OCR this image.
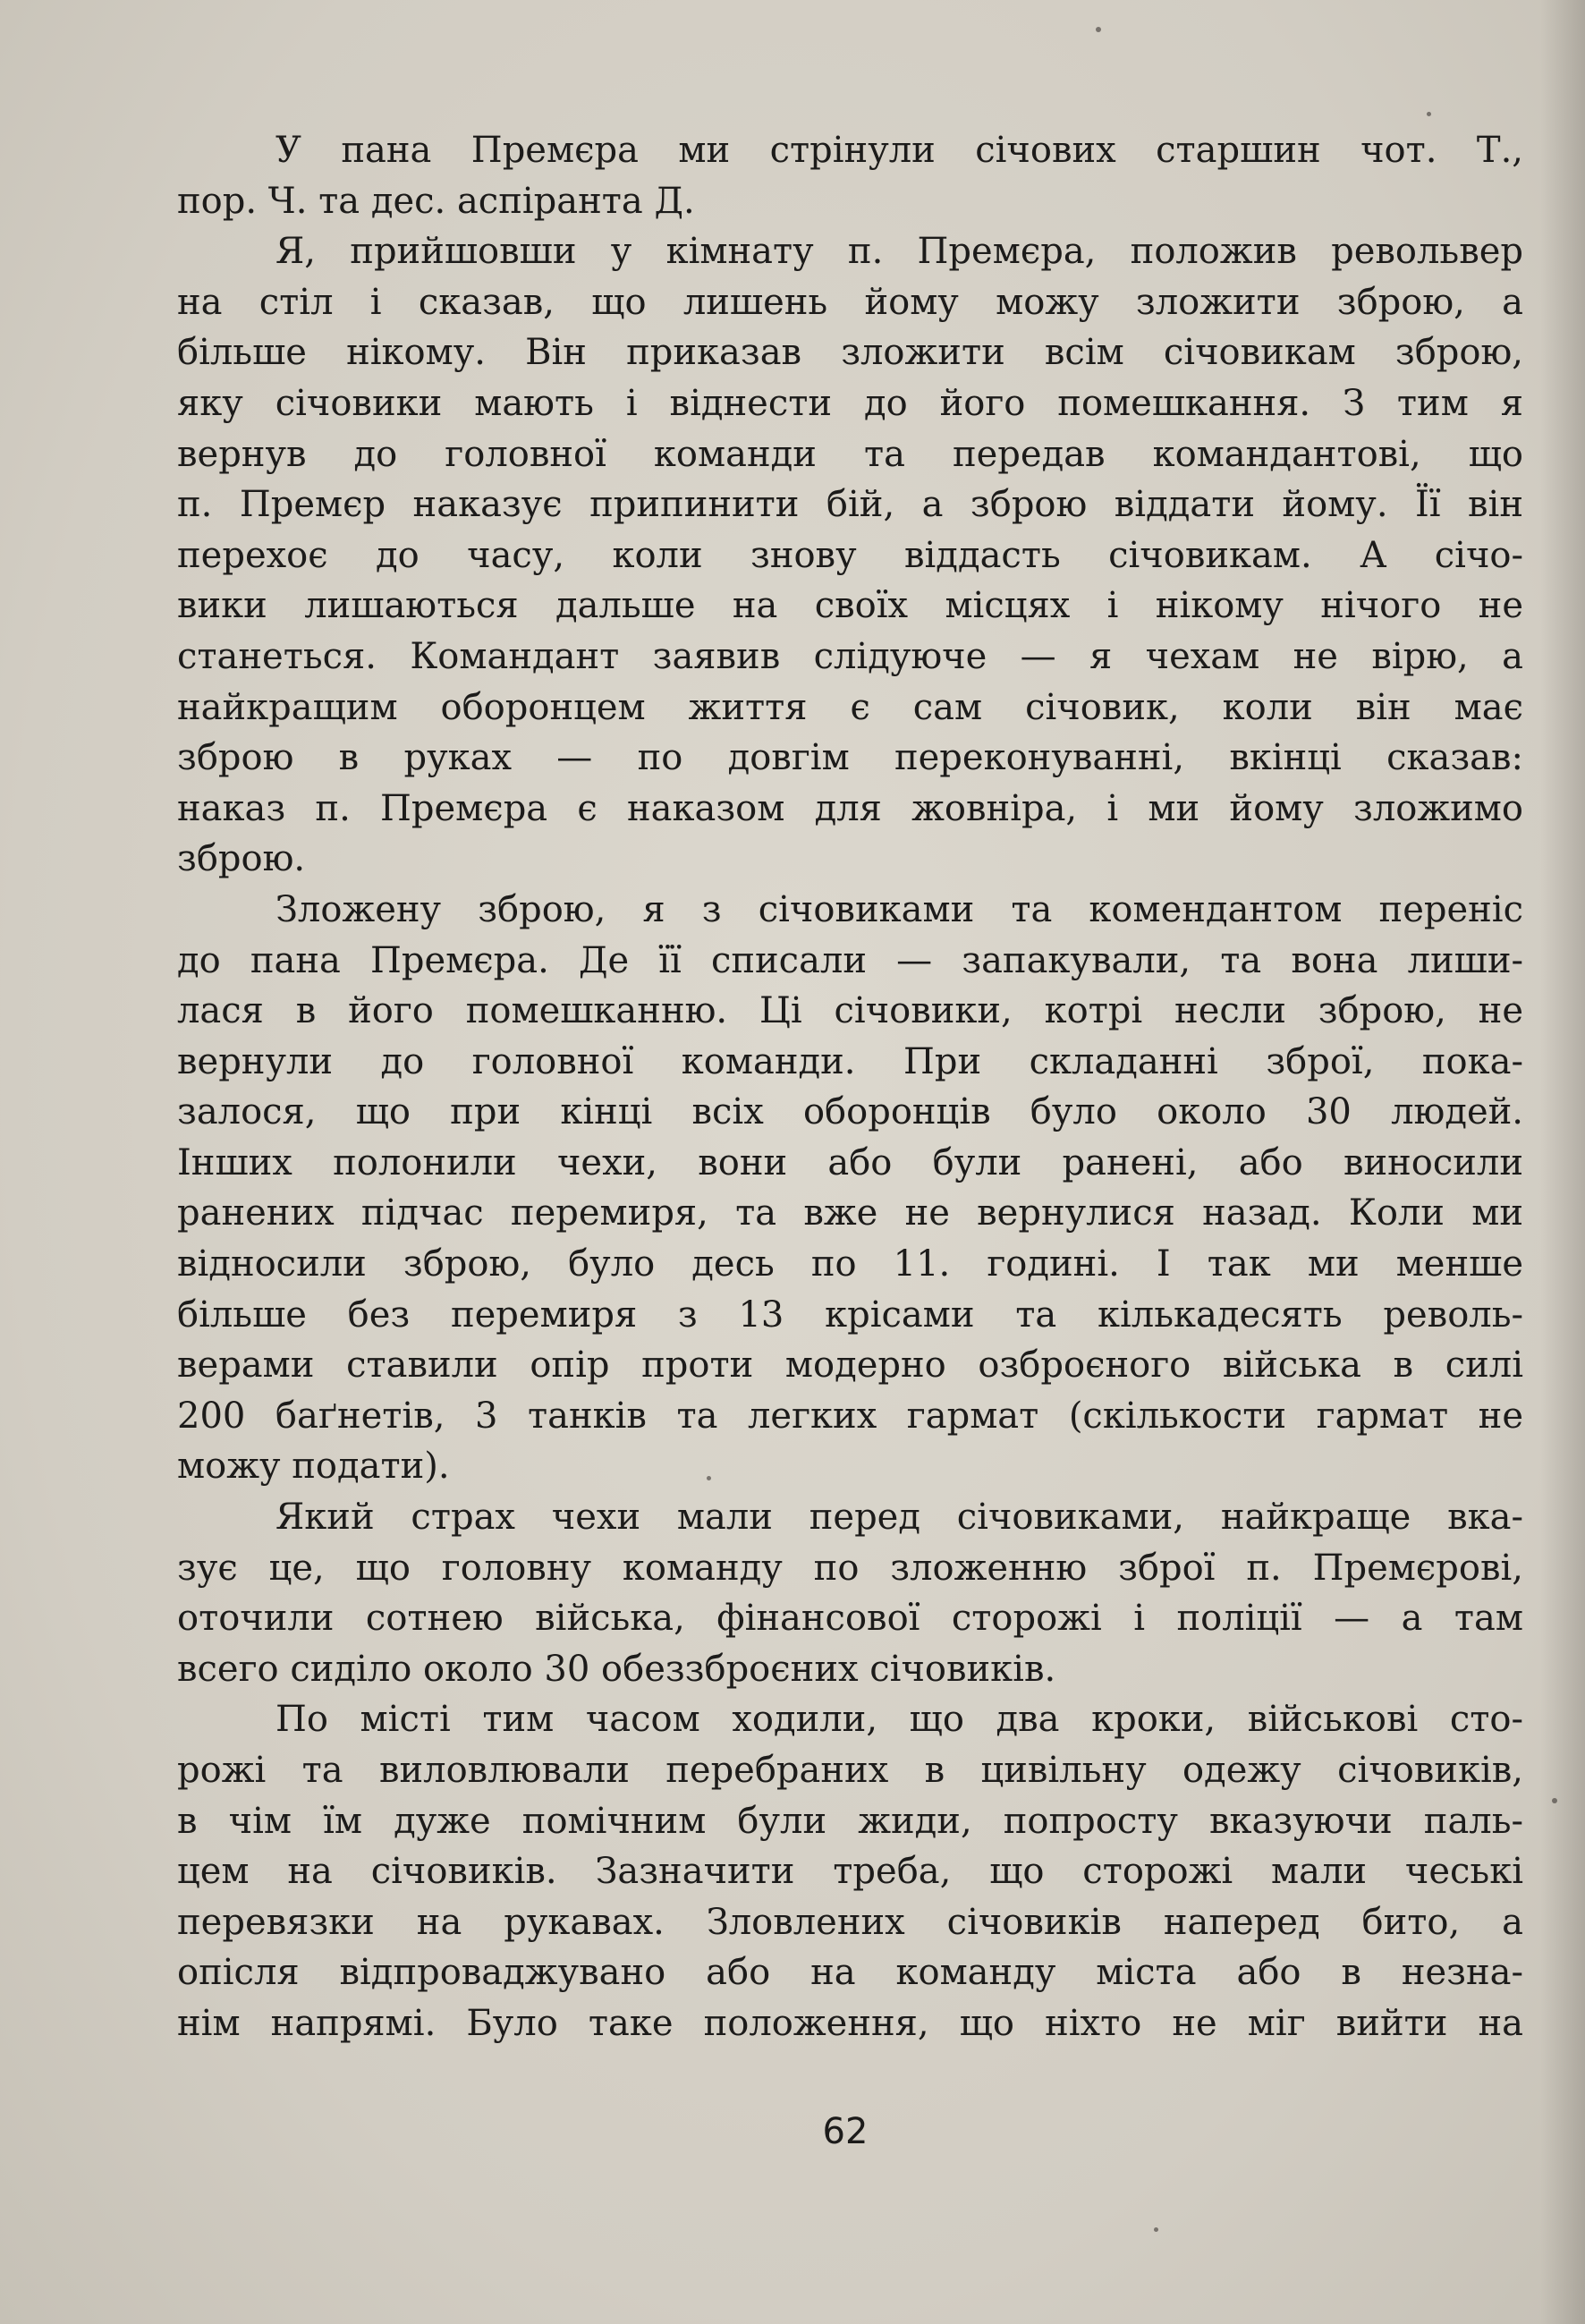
У пана Премєра ми стрінули січових старшин чот. Т.,
пор. Ч. та дес. аспіранта Д.
Я, прийшовши у кімнату п. Премєра, положив револьвер
на стіл і сказав, що лишень йому можу зложити зброю, а
більше нікому. Він приказав зложити всім січовикам зброю,
яку січовики мають і віднести до його помешкання. З тим я
вернув до головної команди та передав командантові, що
п. Премєр наказує припинити бій, а зброю віддати йому. Її він
перехоє до часу, коли знову віддасть січовикам. А січо-
вики лишаються дальше на своїх місцях і нікому нічого не
станеться. Командант заявив слідуюче — я чехам не вірю, а
найкращим оборонцем життя є сам січовик, коли він має
зброю в руках — по довгім переконуванні, вкінці сказав:
наказ п. Премєра є наказом для жовніра, і ми йому зложимо
зброю.
Зложену зброю, я з січовиками та комендантом переніс
до пана Премєра. Де її списали — запакували, та вона лиши-
лася в його помешканню. Ці січовики, котрі несли зброю, не
вернули до головної команди. При складанні зброї, пока-
залося, що при кінці всіх оборонців було около 30 людей.
Інших полонили чехи, вони або були ранені, або виносили
ранених підчас перемиря, та вже не вернулися назад. Коли ми
відносили зброю, було десь по 11. годині. І так ми менше
більше без перемиря з 13 крісами та кількадесять револь-
верами ставили опір проти модерно озброєного війська в силі
200 баґнетів, 3 танків та легких гармат (скількости гармат не
можу подати).
Який страх чехи мали перед січовиками, найкраще вка-
зує це, що головну команду по зложенню зброї п. Премєрові,
оточили сотнею війська, фінансової сторожі і поліції — а там
всего сиділо около 30 обеззброєних січовиків.
По місті тим часом ходили, що два кроки, військові сто-
рожі та виловлювали перебраних в цивільну одежу січовиків,
в чім їм дуже помічним були жиди, попросту вказуючи паль-
цем на січовиків. Зазначити треба, що сторожі мали чеські
перевязки на рукавах. Зловлених січовиків наперед бито, а
опісля відпроваджувано або на команду міста або в незна-
нім напрямі. Було таке положення, що ніхто не міг вийти на
62
